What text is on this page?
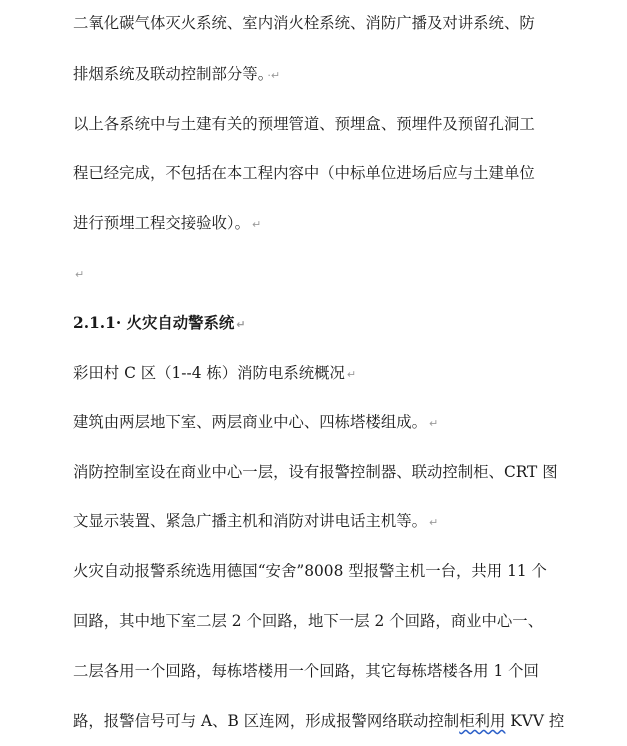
二氧化碳气体灭火系统、室内消火栓系统、消防广播及对讲系统、防
排烟系统及联动控制部分等。 ·↵
以上各系统中与土建有关的预埋管道、预埋盒、预埋件及预留孔洞工
程已经完成，不包括在本工程内容中（中标单位进场后应与土建单位
进行预埋工程交接验收）。 ↵
↵
2.1.1· 火灾自动警系统 ↵
彩田村 C 区（1--4 栋）消防电系统概况 ↵
建筑由两层地下室、两层商业中心、四栋塔楼组成。 ↵
消防控制室设在商业中心一层，设有报警控制器、联动控制柜、CRT 图
文显示装置、紧急广播主机和消防对讲电话主机等。 ↵
火灾自动报警系统选用德国“安舍”8008 型报警主机一台，共用 11 个
回路，其中地下室二层 2 个回路，地下一层 2 个回路，商业中心一、
二层各用一个回路，每栋塔楼用一个回路，其它每栋塔楼各用 1 个回
路，报警信号可与 A、B 区连网，形成报警网络联动控制柜利用 KVV 控
